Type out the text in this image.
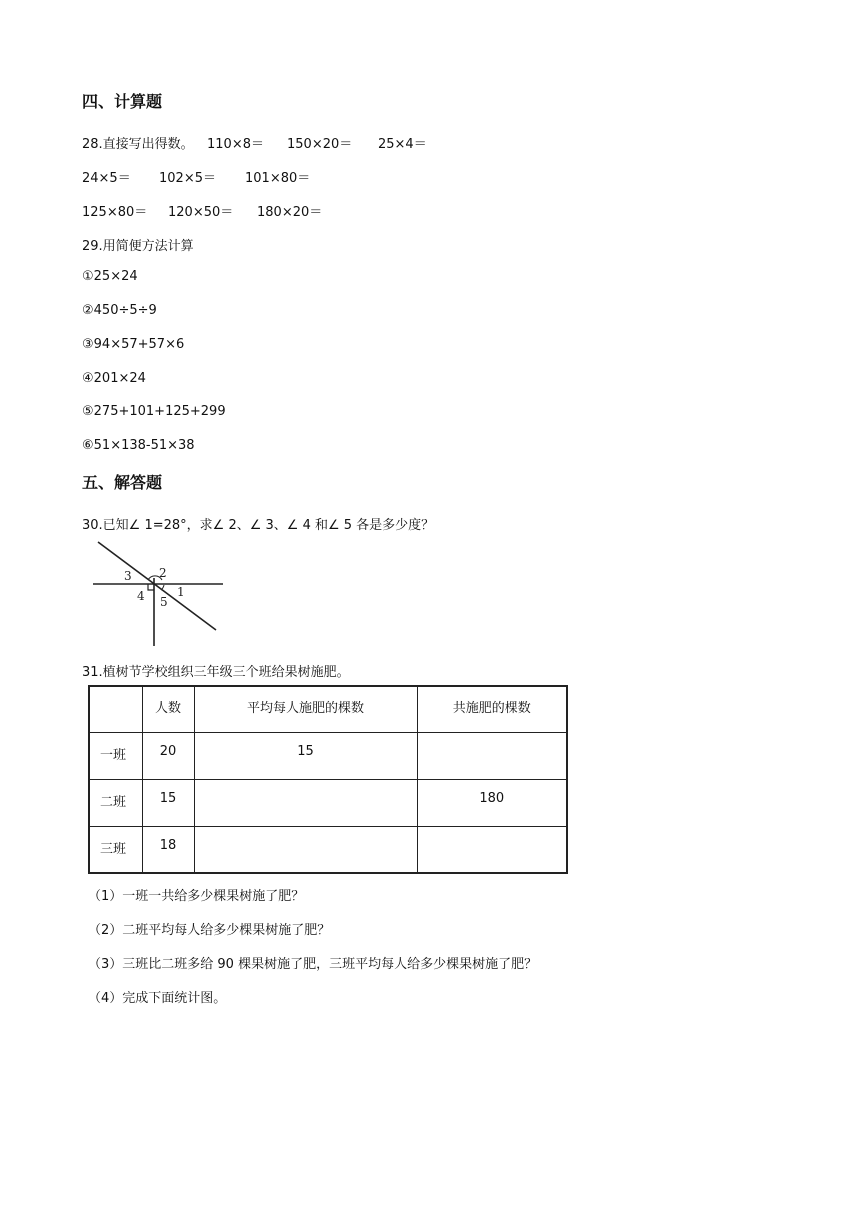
四、计算题
28.直接写出得数。 110×8＝ 150×20＝ 25×4＝
24×5＝ 102×5＝ 101×80＝
125×80＝ 120×50＝ 180×20＝
29.用简便方法计算
①25×24
②450÷5÷9
③94×57+57×6
④201×24
⑤275+101+125+299
⑥51×138-51×38
五、解答题
30.已知∠ 1=28°，求∠ 2、∠ 3、∠ 4 和∠ 5 各是多少度？
3 2
1
4 5
31.植树节学校组织三年级三个班给果树施肥。
	人数	平均每人施肥的棵数	共施肥的棵数
一班	20	15	
二班	15		180
三班	18		
（1）一班一共给多少棵果树施了肥？
（2）二班平均每人给多少棵果树施了肥？
（3）三班比二班多给 90 棵果树施了肥，三班平均每人给多少棵果树施了肥？
（4）完成下面统计图。
